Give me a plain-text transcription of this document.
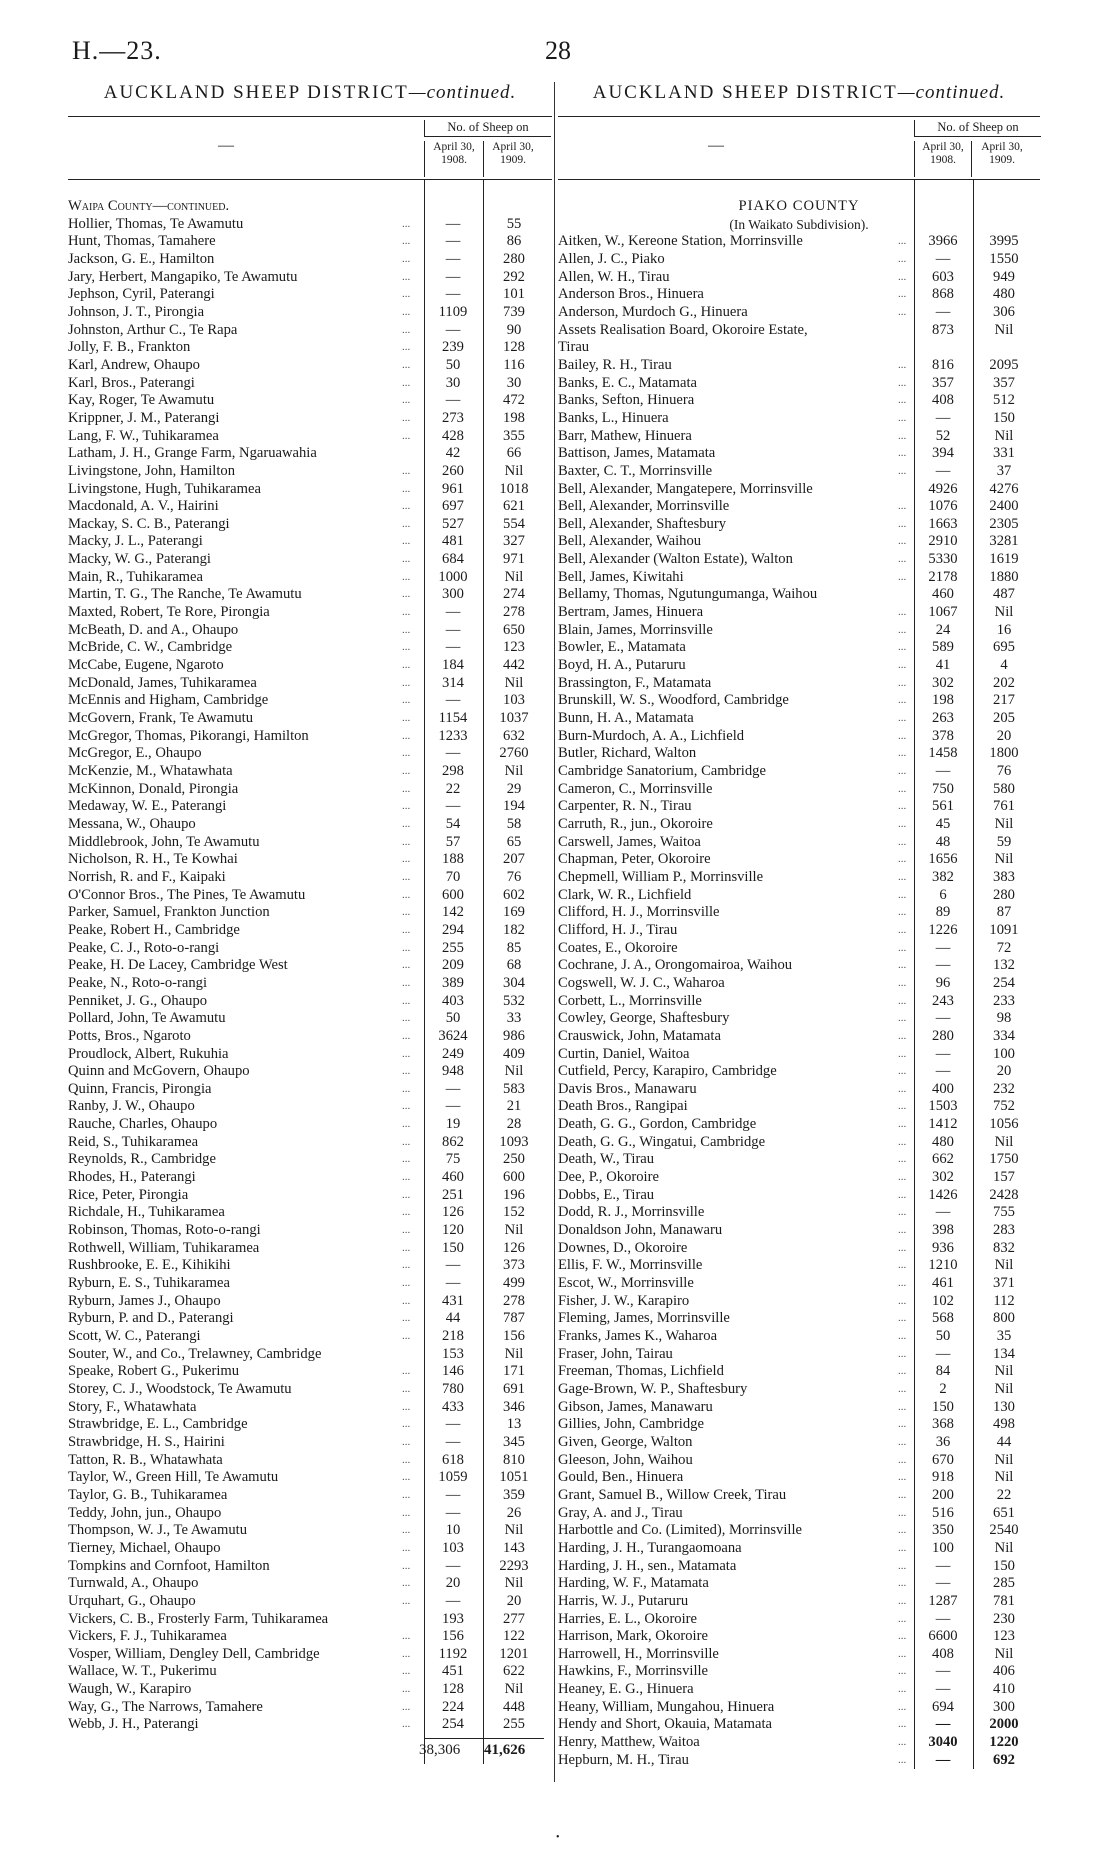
H.—23.	28
AUCKLAND SHEEP DISTRICT—continued.
—
No. of Sheep on
April 30, 1908.
April 30, 1909.
Waipa County—continued.
Hollier, Thomas, Te Awamutu	...	—	55
Hunt, Thomas, Tamahere	...	—	86
Jackson, G. E., Hamilton	...	—	280
Jary, Herbert, Mangapiko, Te Awamutu	...	—	292
Jephson, Cyril, Paterangi	...	—	101
Johnson, J. T., Pirongia	...	1109	739
Johnston, Arthur C., Te Rapa	...	—	90
Jolly, F. B., Frankton	...	239	128
Karl, Andrew, Ohaupo	...	50	116
Karl, Bros., Paterangi	...	30	30
Kay, Roger, Te Awamutu	...	—	472
Krippner, J. M., Paterangi	...	273	198
Lang, F. W., Tuhikaramea	...	428	355
Latham, J. H., Grange Farm, Ngaruawahia	42	66
Livingstone, John, Hamilton	...	260	Nil
Livingstone, Hugh, Tuhikaramea	...	961	1018
Macdonald, A. V., Hairini	...	697	621
Mackay, S. C. B., Paterangi	...	527	554
Macky, J. L., Paterangi	...	481	327
Macky, W. G., Paterangi	...	684	971
Main, R., Tuhikaramea	...	1000	Nil
Martin, T. G., The Ranche, Te Awamutu	...	300	274
Maxted, Robert, Te Rore, Pirongia	...	—	278
McBeath, D. and A., Ohaupo	...	—	650
McBride, C. W., Cambridge	...	—	123
McCabe, Eugene, Ngaroto	...	184	442
McDonald, James, Tuhikaramea	...	314	Nil
McEnnis and Higham, Cambridge	...	—	103
McGovern, Frank, Te Awamutu	...	1154	1037
McGregor, Thomas, Pikorangi, Hamilton	...	1233	632
McGregor, E., Ohaupo	...	—	2760
McKenzie, M., Whatawhata	...	298	Nil
McKinnon, Donald, Pirongia	...	22	29
Medaway, W. E., Paterangi	...	—	194
Messana, W., Ohaupo	...	54	58
Middlebrook, John, Te Awamutu	...	57	65
Nicholson, R. H., Te Kowhai	...	188	207
Norrish, R. and F., Kaipaki	...	70	76
O'Connor Bros., The Pines, Te Awamutu	...	600	602
Parker, Samuel, Frankton Junction	...	142	169
Peake, Robert H., Cambridge	...	294	182
Peake, C. J., Roto-o-rangi	...	255	85
Peake, H. De Lacey, Cambridge West	...	209	68
Peake, N., Roto-o-rangi	...	389	304
Penniket, J. G., Ohaupo	...	403	532
Pollard, John, Te Awamutu	...	50	33
Potts, Bros., Ngaroto	...	3624	986
Proudlock, Albert, Rukuhia	...	249	409
Quinn and McGovern, Ohaupo	...	948	Nil
Quinn, Francis, Pirongia	...	—	583
Ranby, J. W., Ohaupo	...	—	21
Rauche, Charles, Ohaupo	...	19	28
Reid, S., Tuhikaramea	...	862	1093
Reynolds, R., Cambridge	...	75	250
Rhodes, H., Paterangi	...	460	600
Rice, Peter, Pirongia	...	251	196
Richdale, H., Tuhikaramea	...	126	152
Robinson, Thomas, Roto-o-rangi	...	120	Nil
Rothwell, William, Tuhikaramea	...	150	126
Rushbrooke, E. E., Kihikihi	...	—	373
Ryburn, E. S., Tuhikaramea	...	—	499
Ryburn, James J., Ohaupo	...	431	278
Ryburn, P. and D., Paterangi	...	44	787
Scott, W. C., Paterangi	...	218	156
Souter, W., and Co., Trelawney, Cambridge	153	Nil
Speake, Robert G., Pukerimu	...	146	171
Storey, C. J., Woodstock, Te Awamutu	...	780	691
Story, F., Whatawhata	...	433	346
Strawbridge, E. L., Cambridge	...	—	13
Strawbridge, H. S., Hairini	...	—	345
Tatton, R. B., Whatawhata	...	618	810
Taylor, W., Green Hill, Te Awamutu	...	1059	1051
Taylor, G. B., Tuhikaramea	...	—	359
Teddy, John, jun., Ohaupo	...	—	26
Thompson, W. J., Te Awamutu	...	10	Nil
Tierney, Michael, Ohaupo	...	103	143
Tompkins and Cornfoot, Hamilton	...	—	2293
Turnwald, A., Ohaupo	...	20	Nil
Urquhart, G., Ohaupo	...	—	20
Vickers, C. B., Frosterly Farm, Tuhikaramea	193	277
Vickers, F. J., Tuhikaramea	...	156	122
Vosper, William, Dengley Dell, Cambridge	...	1192	1201
Wallace, W. T., Pukerimu	...	451	622
Waugh, W., Karapiro	...	128	Nil
Way, G., The Narrows, Tamahere	...	224	448
Webb, J. H., Paterangi	...	254	255
38,306 41,626
AUCKLAND SHEEP DISTRICT—continued.
—
No. of Sheep on
April 30, 1908.
April 30, 1909.
PIAKO COUNTY
(In Waikato Subdivision).
Aitken, W., Kereone Station, Morrinsville	...	3966	3995
Allen, J. C., Piako	...	—	1550
Allen, W. H., Tirau	...	603	949
Anderson Bros., Hinuera	...	868	480
Anderson, Murdoch G., Hinuera	...	—	306
Assets Realisation Board, Okoroire Estate,	873	Nil
Tirau
Bailey, R. H., Tirau	...	816	2095
Banks, E. C., Matamata	...	357	357
Banks, Sefton, Hinuera	...	408	512
Banks, L., Hinuera	...	—	150
Barr, Mathew, Hinuera	...	52	Nil
Battison, James, Matamata	...	394	331
Baxter, C. T., Morrinsville	...	—	37
Bell, Alexander, Mangatepere, Morrinsville	4926	4276
Bell, Alexander, Morrinsville	...	1076	2400
Bell, Alexander, Shaftesbury	...	1663	2305
Bell, Alexander, Waihou	...	2910	3281
Bell, Alexander (Walton Estate), Walton	...	5330	1619
Bell, James, Kiwitahi	...	2178	1880
Bellamy, Thomas, Ngutungumanga, Waihou	460	487
Bertram, James, Hinuera	...	1067	Nil
Blain, James, Morrinsville	...	24	16
Bowler, E., Matamata	...	589	695
Boyd, H. A., Putaruru	...	41	4
Brassington, F., Matamata	...	302	202
Brunskill, W. S., Woodford, Cambridge	...	198	217
Bunn, H. A., Matamata	...	263	205
Burn-Murdoch, A. A., Lichfield	...	378	20
Butler, Richard, Walton	...	1458	1800
Cambridge Sanatorium, Cambridge	...	—	76
Cameron, C., Morrinsville	...	750	580
Carpenter, R. N., Tirau	...	561	761
Carruth, R., jun., Okoroire	...	45	Nil
Carswell, James, Waitoa	...	48	59
Chapman, Peter, Okoroire	...	1656	Nil
Chepmell, William P., Morrinsville	...	382	383
Clark, W. R., Lichfield	...	6	280
Clifford, H. J., Morrinsville	...	89	87
Clifford, H. J., Tirau	...	1226	1091
Coates, E., Okoroire	...	—	72
Cochrane, J. A., Orongomairoa, Waihou	...	—	132
Cogswell, W. J. C., Waharoa	...	96	254
Corbett, L., Morrinsville	...	243	233
Cowley, George, Shaftesbury	...	—	98
Crauswick, John, Matamata	...	280	334
Curtin, Daniel, Waitoa	...	—	100
Cutfield, Percy, Karapiro, Cambridge	...	—	20
Davis Bros., Manawaru	...	400	232
Death Bros., Rangipai	...	1503	752
Death, G. G., Gordon, Cambridge	...	1412	1056
Death, G. G., Wingatui, Cambridge	...	480	Nil
Death, W., Tirau	...	662	1750
Dee, P., Okoroire	...	302	157
Dobbs, E., Tirau	...	1426	2428
Dodd, R. J., Morrinsville	...	—	755
Donaldson John, Manawaru	...	398	283
Downes, D., Okoroire	...	936	832
Ellis, F. W., Morrinsville	...	1210	Nil
Escot, W., Morrinsville	...	461	371
Fisher, J. W., Karapiro	...	102	112
Fleming, James, Morrinsville	...	568	800
Franks, James K., Waharoa	...	50	35
Fraser, John, Tairau	...	—	134
Freeman, Thomas, Lichfield	...	84	Nil
Gage-Brown, W. P., Shaftesbury	...	2	Nil
Gibson, James, Manawaru	...	150	130
Gillies, John, Cambridge	...	368	498
Given, George, Walton	...	36	44
Gleeson, John, Waihou	...	670	Nil
Gould, Ben., Hinuera	...	918	Nil
Grant, Samuel B., Willow Creek, Tirau	...	200	22
Gray, A. and J., Tirau	...	516	651
Harbottle and Co. (Limited), Morrinsville	...	350	2540
Harding, J. H., Turangaomoana	...	100	Nil
Harding, J. H., sen., Matamata	...	—	150
Harding, W. F., Matamata	...	—	285
Harris, W. J., Putaruru	...	1287	781
Harries, E. L., Okoroire	...	—	230
Harrison, Mark, Okoroire	...	6600	123
Harrowell, H., Morrinsville	...	408	Nil
Hawkins, F., Morrinsville	...	—	406
Heaney, E. G., Hinuera	...	—	410
Heany, William, Mungahou, Hinuera	...	694	300
Hendy and Short, Okauia, Matamata	...	—	2000
Henry, Matthew, Waitoa	...	3040	1220
Hepburn, M. H., Tirau	...	—	692
•
